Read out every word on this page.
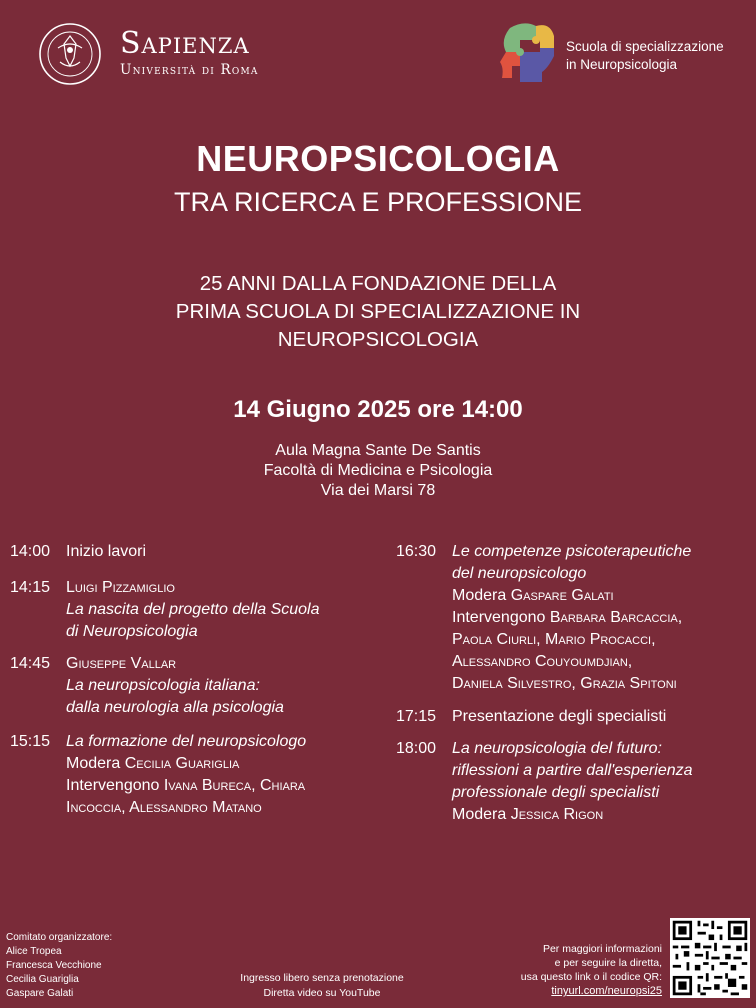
Sapienza
Università di Roma
Scuola di specializzazione
in Neuropsicologia
NEUROPSICOLOGIA
TRA RICERCA E PROFESSIONE
25 ANNI DALLA FONDAZIONE DELLA
PRIMA SCUOLA DI SPECIALIZZAZIONE IN
NEUROPSICOLOGIA
14 Giugno 2025 ore 14:00
Aula Magna Sante De Santis
Facoltà di Medicina e Psicologia
Via dei Marsi 78
14:00 Inizio lavori
14:15 Luigi Pizzamiglio
La nascita del progetto della Scuola
di Neuropsicologia
14:45 Giuseppe Vallar
La neuropsicologia italiana:
dalla neurologia alla psicologia
15:15 La formazione del neuropsicologo
Modera Cecilia Guariglia
Intervengono Ivana Bureca, Chiara
Incoccia, Alessandro Matano
16:30 Le competenze psicoterapeutiche
del neuropsicologo
Modera Gaspare Galati
Intervengono Barbara Barcaccia,
Paola Ciurli, Mario Procacci,
Alessandro Couyoumdjian,
Daniela Silvestro, Grazia Spitoni
17:15 Presentazione degli specialisti
18:00 La neuropsicologia del futuro:
riflessioni a partire dall'esperienza
professionale degli specialisti
Modera Jessica Rigon
Comitato organizzatore:
Alice Tropea
Francesca Vecchione
Cecilia Guariglia
Gaspare Galati
Ingresso libero senza prenotazione
Diretta video su YouTube
Per maggiori informazioni
e per seguire la diretta,
usa questo link o il codice QR:
tinyurl.com/neuropsi25
